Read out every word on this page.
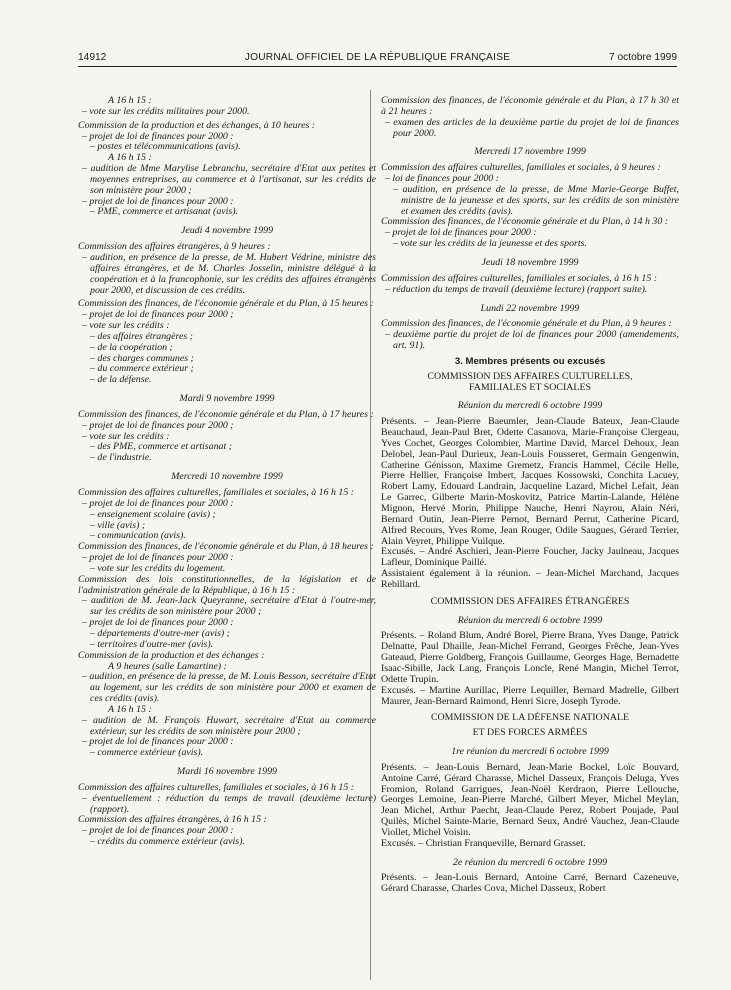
14912	JOURNAL OFFICIEL DE LA RÉPUBLIQUE FRANÇAISE	7 octobre 1999

A 16 h 15 :

– vote sur les crédits militaires pour 2000.

Commission de la production et des échanges, à 10 heures :

– projet de loi de finances pour 2000 :

– postes et télécommunications (avis).

A 16 h 15 :

– audition de Mme Marylise Lebranchu, secrétaire d'Etat aux petites et moyennes entreprises, au commerce et à l'artisanat, sur les crédits de son ministère pour 2000 ;

– projet de loi de finances pour 2000 :

– PME, commerce et artisanat (avis).

Jeudi 4 novembre 1999

Commission des affaires étrangères, à 9 heures :

– audition, en présence de la presse, de M. Hubert Védrine, ministre des affaires étrangères, et de M. Charles Josselin, ministre délégué à la coopération et à la francophonie, sur les crédits des affaires étrangères pour 2000, et discussion de ces crédits.

Commission des finances, de l'économie générale et du Plan, à 15 heures :

– projet de loi de finances pour 2000 ;

– vote sur les crédits :

– des affaires étrangères ;

– de la coopération ;

– des charges communes ;

– du commerce extérieur ;

– de la défense.

Mardi 9 novembre 1999

Commission des finances, de l'économie générale et du Plan, à 17 heures :

– projet de loi de finances pour 2000 ;

– vote sur les crédits :

– des PME, commerce et artisanat ;

– de l'industrie.

Mercredi 10 novembre 1999

Commission des affaires culturelles, familiales et sociales, à 16 h 15 :

– projet de loi de finances pour 2000 :

– enseignement scolaire (avis) ;

– ville (avis) ;

– communication (avis).

Commission des finances, de l'économie générale et du Plan, à 18 heures :

– projet de loi de finances pour 2000 :

– vote sur les crédits du logement.

Commission des lois constitutionnelles, de la législation et de l'administration générale de la République, à 16 h 15 :

– audition de M. Jean-Jack Queyranne, secrétaire d'Etat à l'outre-mer, sur les crédits de son ministère pour 2000 ;

– projet de loi de finances pour 2000 :

– départements d'outre-mer (avis) ;

– territoires d'outre-mer (avis).

Commission de la production et des échanges :

A 9 heures (salle Lamartine) :

– audition, en présence de la presse, de M. Louis Besson, secrétaire d'Etat au logement, sur les crédits de son ministère pour 2000 et examen de ces crédits (avis).

A 16 h 15 :

– audition de M. François Huwart, secrétaire d'Etat au commerce extérieur, sur les crédits de son ministère pour 2000 ;

– projet de loi de finances pour 2000 :

– commerce extérieur (avis).

Mardi 16 novembre 1999

Commission des affaires culturelles, familiales et sociales, à 16 h 15 :

– éventuellement : réduction du temps de travail (deuxième lecture) (rapport).

Commission des affaires étrangères, à 16 h 15 :

– projet de loi de finances pour 2000 :

– crédits du commerce extérieur (avis).

Commission des finances, de l'économie générale et du Plan, à 17 h 30 et à 21 heures :

– examen des articles de la deuxième partie du projet de loi de finances pour 2000.

Mercredi 17 novembre 1999

Commission des affaires culturelles, familiales et sociales, à 9 heures :

– loi de finances pour 2000 :

– audition, en présence de la presse, de Mme Marie-George Buffet, ministre de la jeunesse et des sports, sur les crédits de son ministère et examen des crédits (avis).

Commission des finances, de l'économie générale et du Plan, à 14 h 30 :

– projet de loi de finances pour 2000 :

– vote sur les crédits de la jeunesse et des sports.

Jeudi 18 novembre 1999

Commission des affaires culturelles, familiales et sociales, à 16 h 15 :

– réduction du temps de travail (deuxième lecture) (rapport suite).

Lundi 22 novembre 1999

Commission des finances, de l'économie générale et du Plan, à 9 heures :

– deuxième partie du projet de loi de finances pour 2000 (amendements, art. 91).

3. Membres présents ou excusés

COMMISSION DES AFFAIRES CULTURELLES,

FAMILIALES ET SOCIALES

Réunion du mercredi 6 octobre 1999

Présents. – Jean-Pierre Baeumler, Jean-Claude Bateux, Jean-Claude Beauchaud, Jean-Paul Bret, Odette Casanova, Marie-Françoise Clergeau, Yves Cochet, Georges Colombier, Martine David, Marcel Dehoux, Jean Delobel, Jean-Paul Durieux, Jean-Louis Fousseret, Germain Gengenwin, Catherine Génisson, Maxime Gremetz, Francis Hammel, Cécile Helle, Pierre Hellier, Françoise Imbert, Jacques Kossowski, Conchita Lacuey, Robert Lamy, Edouard Landrain, Jacqueline Lazard, Michel Lefait, Jean Le Garrec, Gilberte Marin-Moskovitz, Patrice Martin-Lalande, Hélène Mignon, Hervé Morin, Philippe Nauche, Henri Nayrou, Alain Néri, Bernard Outin, Jean-Pierre Pernot, Bernard Perrut, Catherine Picard, Alfred Recours, Yves Rome, Jean Rouger, Odile Saugues, Gérard Terrier, Alain Veyret, Philippe Vuilque.

Excusés. – André Aschieri, Jean-Pierre Foucher, Jacky Jaulneau, Jacques Lafleur, Dominique Paillé.

Assistaient également à la réunion. – Jean-Michel Marchand, Jacques Rebillard.

COMMISSION DES AFFAIRES ÉTRANGÈRES

Réunion du mercredi 6 octobre 1999

Présents. – Roland Blum, André Borel, Pierre Brana, Yves Dauge, Patrick Delnatte, Paul Dhaille, Jean-Michel Ferrand, Georges Frêche, Jean-Yves Gateaud, Pierre Goldberg, François Guillaume, Georges Hage, Bernadette Isaac-Sibille, Jack Lang, François Loncle, René Mangin, Michel Terrot, Odette Trupin.

Excusés. – Martine Aurillac, Pierre Lequiller, Bernard Madrelle, Gilbert Maurer, Jean-Bernard Raimond, Henri Sicre, Joseph Tyrode.

COMMISSION DE LA DÉFENSE NATIONALE

ET DES FORCES ARMÉES

1re réunion du mercredi 6 octobre 1999

Présents. – Jean-Louis Bernard, Jean-Marie Bockel, Loïc Bouvard, Antoine Carré, Gérard Charasse, Michel Dasseux, François Deluga, Yves Fromion, Roland Garrigues, Jean-Noël Kerdraon, Pierre Lellouche, Georges Lemoine, Jean-Pierre Marché, Gilbert Meyer, Michel Meylan, Jean Michel, Arthur Paecht, Jean-Claude Perez, Robert Poujade, Paul Quilès, Michel Sainte-Marie, Bernard Seux, André Vauchez, Jean-Claude Viollet, Michel Voisin.

Excusés. – Christian Franqueville, Bernard Grasset.

2e réunion du mercredi 6 octobre 1999

Présents. – Jean-Louis Bernard, Antoine Carré, Bernard Cazeneuve, Gérard Charasse, Charles Cova, Michel Dasseux, Robert
